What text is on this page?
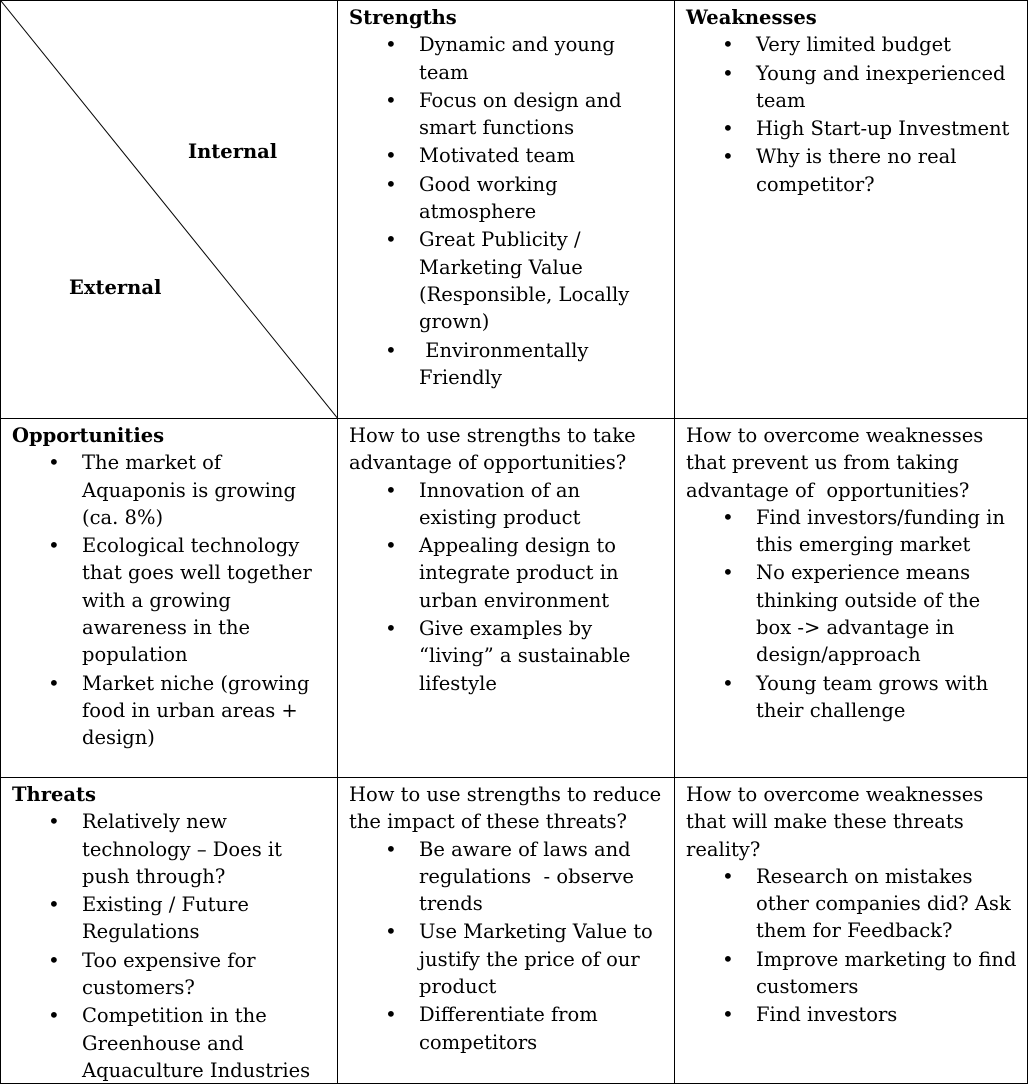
Internal
External
Strengths
• Dynamic and young team
• Focus on design and smart functions
• Motivated team
• Good working atmosphere
• Great Publicity / Marketing Value (Responsible, Locally grown)
•  Environmentally Friendly
Weaknesses
• Very limited budget
• Young and inexperienced team
• High Start-up Investment
• Why is there no real competitor?
Opportunities
• The market of Aquaponis is growing (ca. 8%)
• Ecological technology that goes well together with a growing awareness in the population
• Market niche (growing food in urban areas + design)
How to use strengths to take advantage of opportunities?
• Innovation of an existing product
• Appealing design to integrate product in urban environment
• Give examples by “living” a sustainable lifestyle
How to overcome weaknesses that prevent us from taking advantage of  opportunities?
• Find investors/funding in this emerging market
• No experience means thinking outside of the box -> advantage in design/approach
• Young team grows with their challenge
Threats
• Relatively new technology – Does it push through?
• Existing / Future Regulations
• Too expensive for customers?
• Competition in the Greenhouse and Aquaculture Industries
How to use strengths to reduce the impact of these threats?
• Be aware of laws and regulations  - observe trends
• Use Marketing Value to justify the price of our product
• Differentiate from competitors
How to overcome weaknesses that will make these threats reality?
• Research on mistakes other companies did? Ask them for Feedback?
• Improve marketing to find customers
• Find investors
